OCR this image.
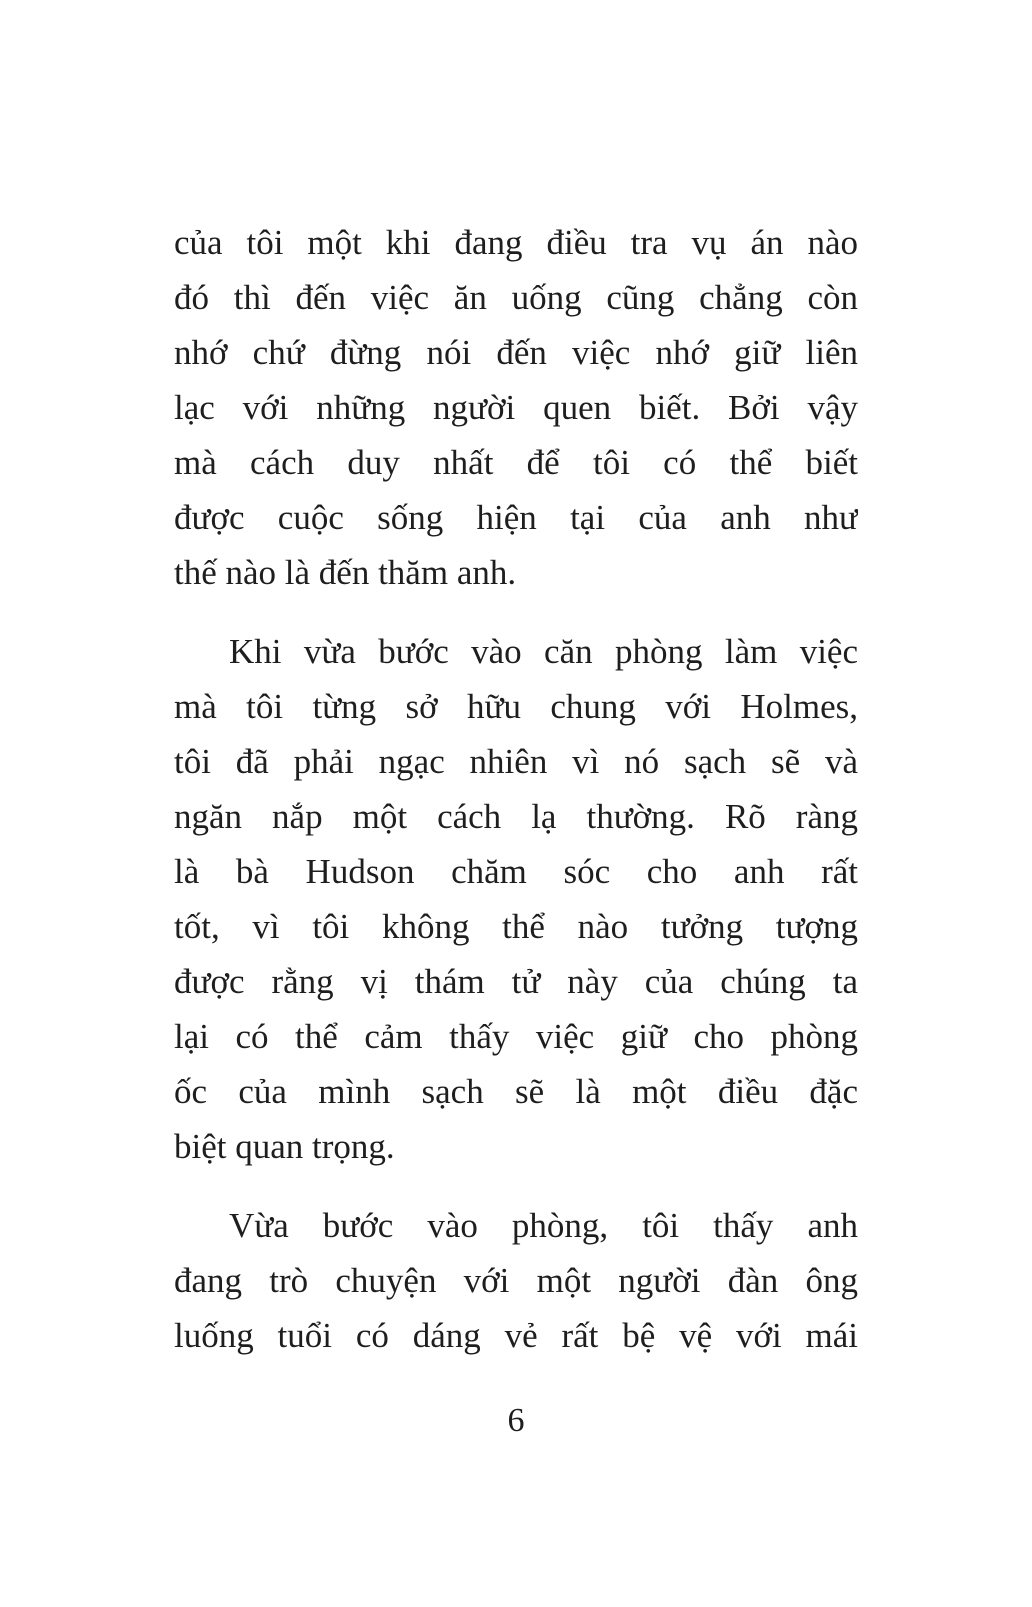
của tôi một khi đang điều tra vụ án nào
đó thì đến việc ăn uống cũng chẳng còn
nhớ chứ đừng nói đến việc nhớ giữ liên
lạc với những người quen biết. Bởi vậy
mà cách duy nhất để tôi có thể biết
được cuộc sống hiện tại của anh như
thế nào là đến thăm anh.

Khi vừa bước vào căn phòng làm việc
mà tôi từng sở hữu chung với Holmes,
tôi đã phải ngạc nhiên vì nó sạch sẽ và
ngăn nắp một cách lạ thường. Rõ ràng
là bà Hudson chăm sóc cho anh rất
tốt, vì tôi không thể nào tưởng tượng
được rằng vị thám tử này của chúng ta
lại có thể cảm thấy việc giữ cho phòng
ốc của mình sạch sẽ là một điều đặc
biệt quan trọng.

Vừa bước vào phòng, tôi thấy anh
đang trò chuyện với một người đàn ông
luống tuổi có dáng vẻ rất bệ vệ với mái

6
